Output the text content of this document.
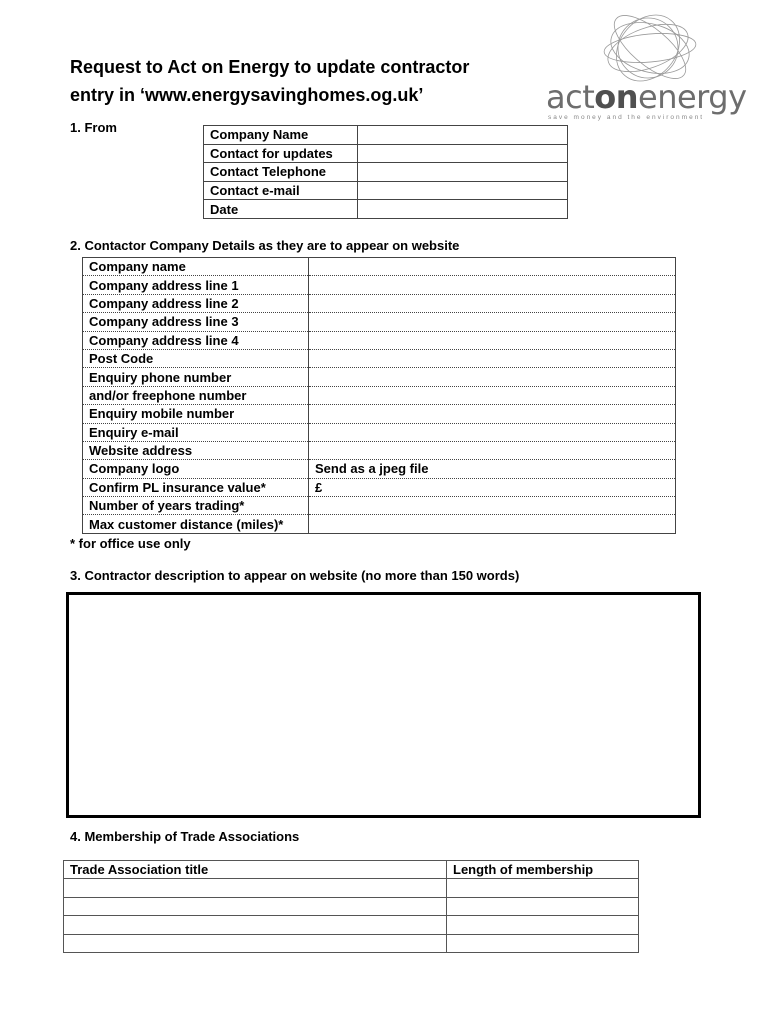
Request to Act on Energy to update contractor
entry in ‘www.energysavinghomes.og.uk’	actonenergy
save money and the environment
1. From	Company Name	
Contact for updates	
Contact Telephone	
Contact e-mail	
Date	
2. Contactor Company Details as they are to appear on website
Company name	
Company address line 1	
Company address line 2	
Company address line 3	
Company address line 4	
Post Code	
Enquiry phone number	
and/or freephone number	
Enquiry mobile number	
Enquiry e-mail	
Website address	
Company logo	Send as a jpeg file
Confirm PL insurance value*	£
Number of years trading*	
Max customer distance (miles)*	
* for office use only
3. Contractor description to appear on website (no more than 150 words)
4. Membership of Trade Associations
Trade Association title	Length of membership
